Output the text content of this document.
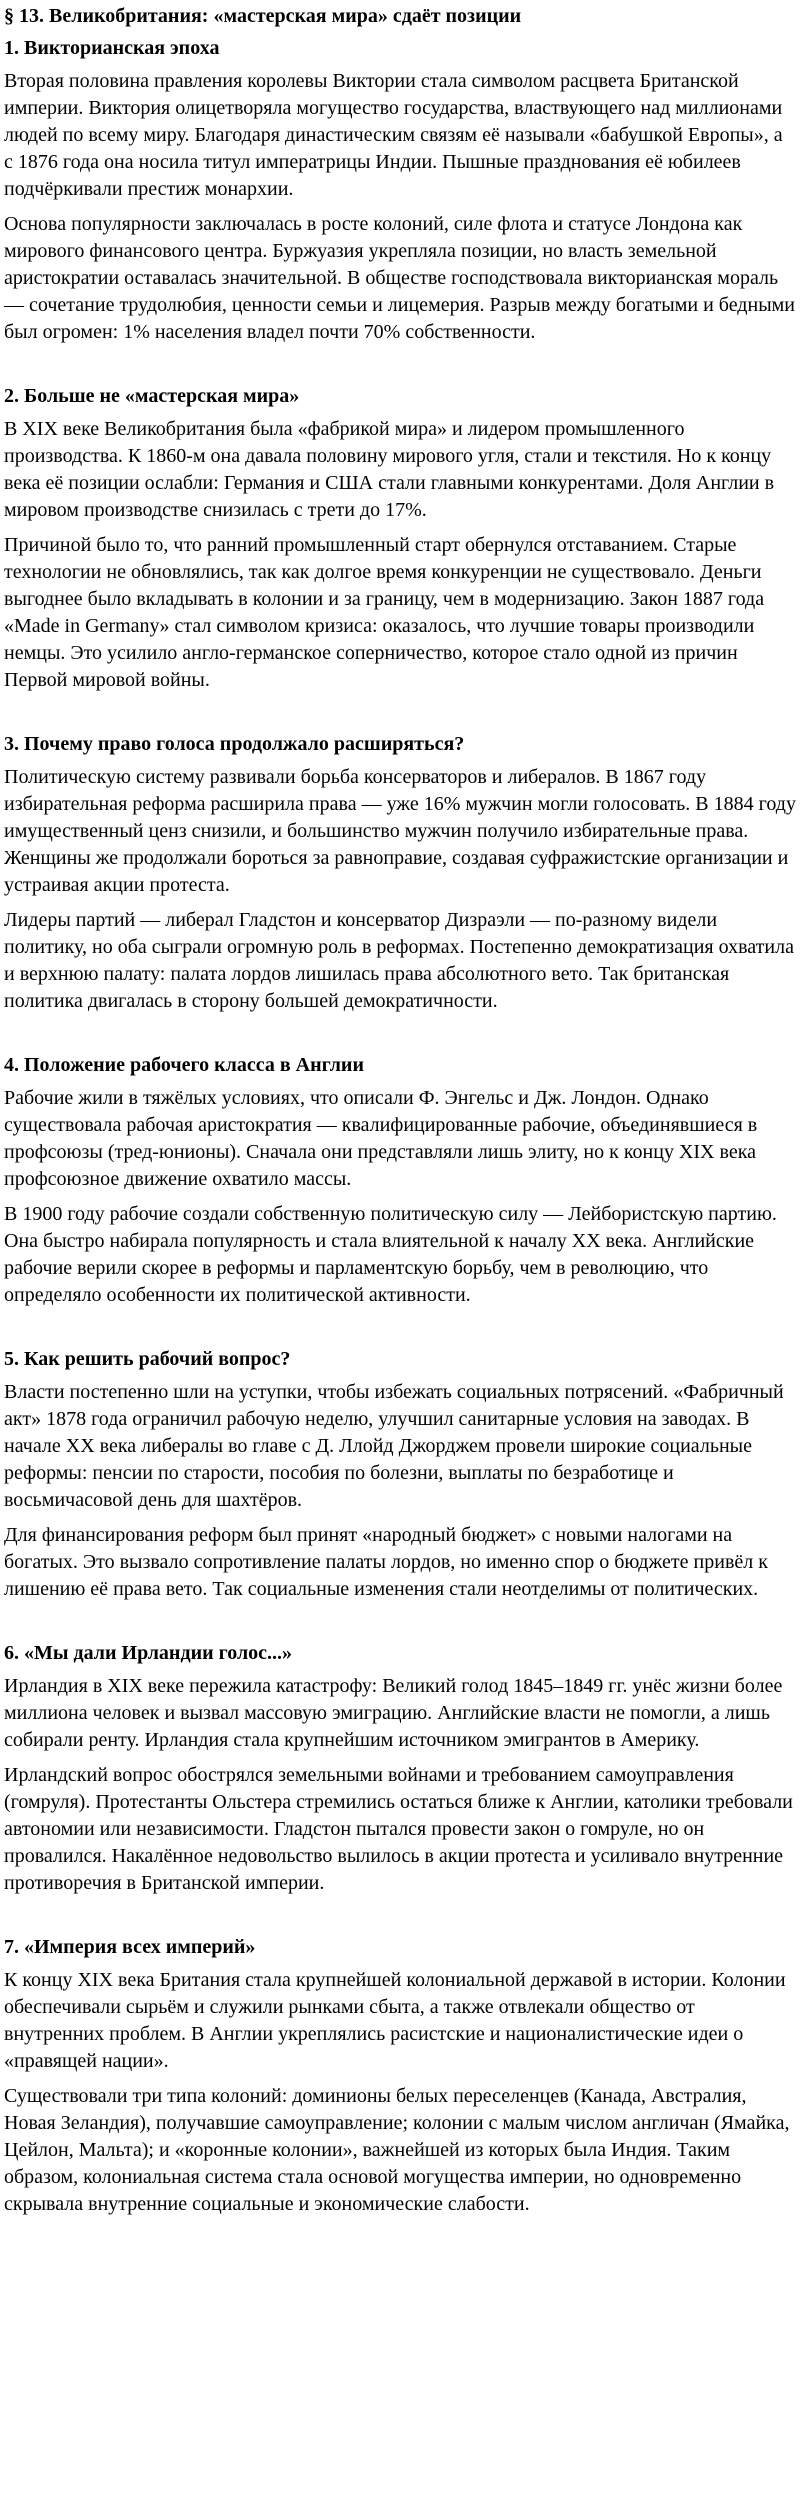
§ 13. Великобритания: «мастерская мира» сдаёт позиции
1. Викторианская эпоха

Вторая половина правления королевы Виктории стала символом расцвета Британской империи. Виктория олицетворяла могущество государства, властвующего над миллионами людей по всему миру. Благодаря династическим связям её называли «бабушкой Европы», а с 1876 года она носила титул императрицы Индии. Пышные празднования её юбилеев подчёркивали престиж монархии.

Основа популярности заключалась в росте колоний, силе флота и статусе Лондона как мирового финансового центра. Буржуазия укрепляла позиции, но власть земельной аристократии оставалась значительной. В обществе господствовала викторианская мораль — сочетание трудолюбия, ценности семьи и лицемерия. Разрыв между богатыми и бедными был огромен: 1% населения владел почти 70% собственности.

2. Больше не «мастерская мира»

В XIX веке Великобритания была «фабрикой мира» и лидером промышленного производства. К 1860-м она давала половину мирового угля, стали и текстиля. Но к концу века её позиции ослабли: Германия и США стали главными конкурентами. Доля Англии в мировом производстве снизилась с трети до 17%.

Причиной было то, что ранний промышленный старт обернулся отставанием. Старые технологии не обновлялись, так как долгое время конкуренции не существовало. Деньги выгоднее было вкладывать в колонии и за границу, чем в модернизацию. Закон 1887 года «Made in Germany» стал символом кризиса: оказалось, что лучшие товары производили немцы. Это усилило англо-германское соперничество, которое стало одной из причин Первой мировой войны.

3. Почему право голоса продолжало расширяться?

Политическую систему развивали борьба консерваторов и либералов. В 1867 году избирательная реформа расширила права — уже 16% мужчин могли голосовать. В 1884 году имущественный ценз снизили, и большинство мужчин получило избирательные права. Женщины же продолжали бороться за равноправие, создавая суфражистские организации и устраивая акции протеста.

Лидеры партий — либерал Гладстон и консерватор Дизраэли — по-разному видели политику, но оба сыграли огромную роль в реформах. Постепенно демократизация охватила и верхнюю палату: палата лордов лишилась права абсолютного вето. Так британская политика двигалась в сторону большей демократичности.

4. Положение рабочего класса в Англии

Рабочие жили в тяжёлых условиях, что описали Ф. Энгельс и Дж. Лондон. Однако существовала рабочая аристократия — квалифицированные рабочие, объединявшиеся в профсоюзы (тред-юнионы). Сначала они представляли лишь элиту, но к концу XIX века профсоюзное движение охватило массы.

В 1900 году рабочие создали собственную политическую силу — Лейбористскую партию. Она быстро набирала популярность и стала влиятельной к началу XX века. Английские рабочие верили скорее в реформы и парламентскую борьбу, чем в революцию, что определяло особенности их политической активности.

5. Как решить рабочий вопрос?

Власти постепенно шли на уступки, чтобы избежать социальных потрясений. «Фабричный акт» 1878 года ограничил рабочую неделю, улучшил санитарные условия на заводах. В начале XX века либералы во главе с Д. Ллойд Джорджем провели широкие социальные реформы: пенсии по старости, пособия по болезни, выплаты по безработице и восьмичасовой день для шахтёров.

Для финансирования реформ был принят «народный бюджет» с новыми налогами на богатых. Это вызвало сопротивление палаты лордов, но именно спор о бюджете привёл к лишению её права вето. Так социальные изменения стали неотделимы от политических.

6. «Мы дали Ирландии голос...»

Ирландия в XIX веке пережила катастрофу: Великий голод 1845–1849 гг. унёс жизни более миллиона человек и вызвал массовую эмиграцию. Английские власти не помогли, а лишь собирали ренту. Ирландия стала крупнейшим источником эмигрантов в Америку.

Ирландский вопрос обострялся земельными войнами и требованием самоуправления (гомруля). Протестанты Ольстера стремились остаться ближе к Англии, католики требовали автономии или независимости. Гладстон пытался провести закон о гомруле, но он провалился. Накалённое недовольство вылилось в акции протеста и усиливало внутренние противоречия в Британской империи.

7. «Империя всех империй»

К концу XIX века Британия стала крупнейшей колониальной державой в истории. Колонии обеспечивали сырьём и служили рынками сбыта, а также отвлекали общество от внутренних проблем. В Англии укреплялись расистские и националистические идеи о «правящей нации».

Существовали три типа колоний: доминионы белых переселенцев (Канада, Австралия, Новая Зеландия), получавшие самоуправление; колонии с малым числом англичан (Ямайка, Цейлон, Мальта); и «коронные колонии», важнейшей из которых была Индия. Таким образом, колониальная система стала основой могущества империи, но одновременно скрывала внутренние социальные и экономические слабости.
